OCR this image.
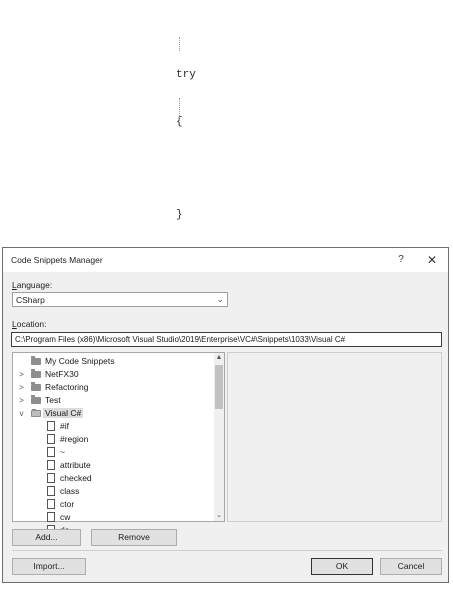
try

{

}

Code Snippets Manager	?	✕
Language:
CSharp	⌄
Location:
C:\Program Files (x86)\Microsoft Visual Studio\2019\Enterprise\VC#\Snippets\1033\Visual C#
My Code Snippets
> NetFX30
> Refactoring
> Test
v	Visual C#
#if
#region
~
attribute
checked
class
ctor
cw
▲
⌄
Add...	Remove
Import...	OK	Cancel
